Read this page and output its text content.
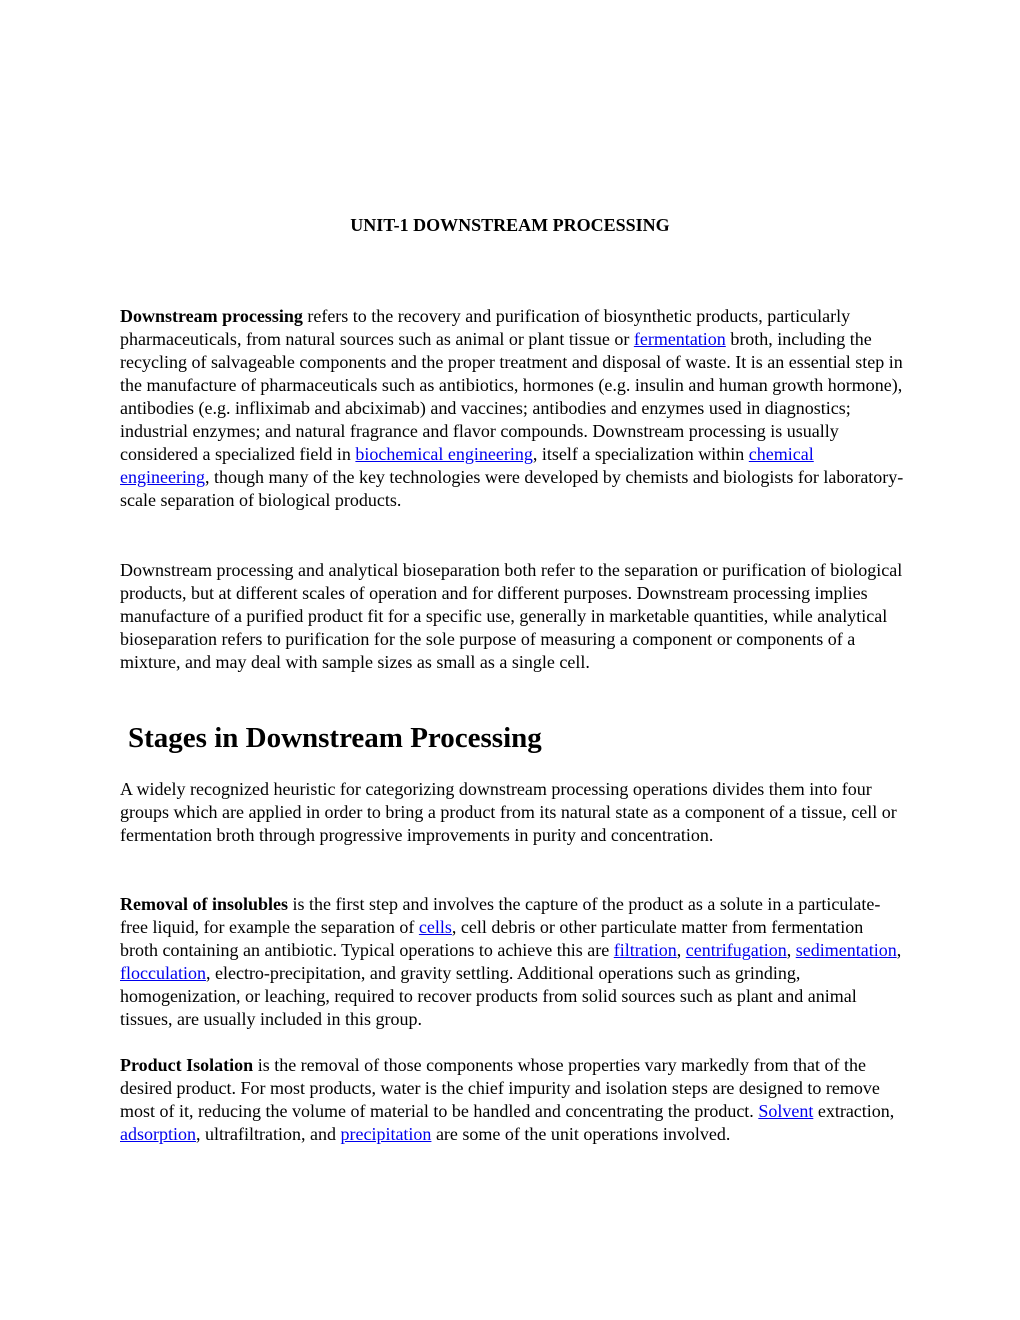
UNIT-1 DOWNSTREAM PROCESSING

Downstream processing refers to the recovery and purification of biosynthetic products, particularly pharmaceuticals, from natural sources such as animal or plant tissue or fermentation broth, including the recycling of salvageable components and the proper treatment and disposal of waste. It is an essential step in the manufacture of pharmaceuticals such as antibiotics, hormones (e.g. insulin and human growth hormone), antibodies (e.g. infliximab and abciximab) and vaccines; antibodies and enzymes used in diagnostics; industrial enzymes; and natural fragrance and flavor compounds. Downstream processing is usually considered a specialized field in biochemical engineering, itself a specialization within chemical engineering, though many of the key technologies were developed by chemists and biologists for laboratory-scale separation of biological products.

Downstream processing and analytical bioseparation both refer to the separation or purification of biological products, but at different scales of operation and for different purposes. Downstream processing implies manufacture of a purified product fit for a specific use, generally in marketable quantities, while analytical bioseparation refers to purification for the sole purpose of measuring a component or components of a mixture, and may deal with sample sizes as small as a single cell.

Stages in Downstream Processing

A widely recognized heuristic for categorizing downstream processing operations divides them into four groups which are applied in order to bring a product from its natural state as a component of a tissue, cell or fermentation broth through progressive improvements in purity and concentration.

Removal of insolubles is the first step and involves the capture of the product as a solute in a particulate-free liquid, for example the separation of cells, cell debris or other particulate matter from fermentation broth containing an antibiotic. Typical operations to achieve this are filtration, centrifugation, sedimentation, flocculation, electro-precipitation, and gravity settling. Additional operations such as grinding, homogenization, or leaching, required to recover products from solid sources such as plant and animal tissues, are usually included in this group.

Product Isolation is the removal of those components whose properties vary markedly from that of the desired product. For most products, water is the chief impurity and isolation steps are designed to remove most of it, reducing the volume of material to be handled and concentrating the product. Solvent extraction, adsorption, ultrafiltration, and precipitation are some of the unit operations involved.
